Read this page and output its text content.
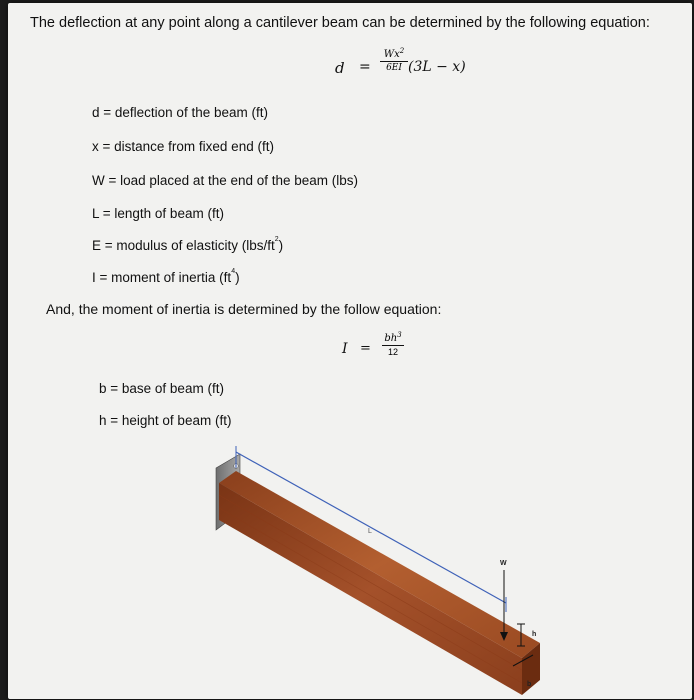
The deflection at any point along a cantilever beam can be determined by the following equation:
$d = \frac{Wx^2}{6EI} (3L - x)$
d = deflection of the beam (ft)
x = distance from fixed end (ft)
W = load placed at the end of the beam (lbs)
L = length of beam (ft)
E = modulus of elasticity $(lbs/ft^2)$
I = moment of inertia $(ft^4)$
And, the moment of inertia is determined by the follow equation:
$I = \frac{bh^3}{12}$
b = base of beam (ft)
h = height of beam (ft)
L
W
h
b
